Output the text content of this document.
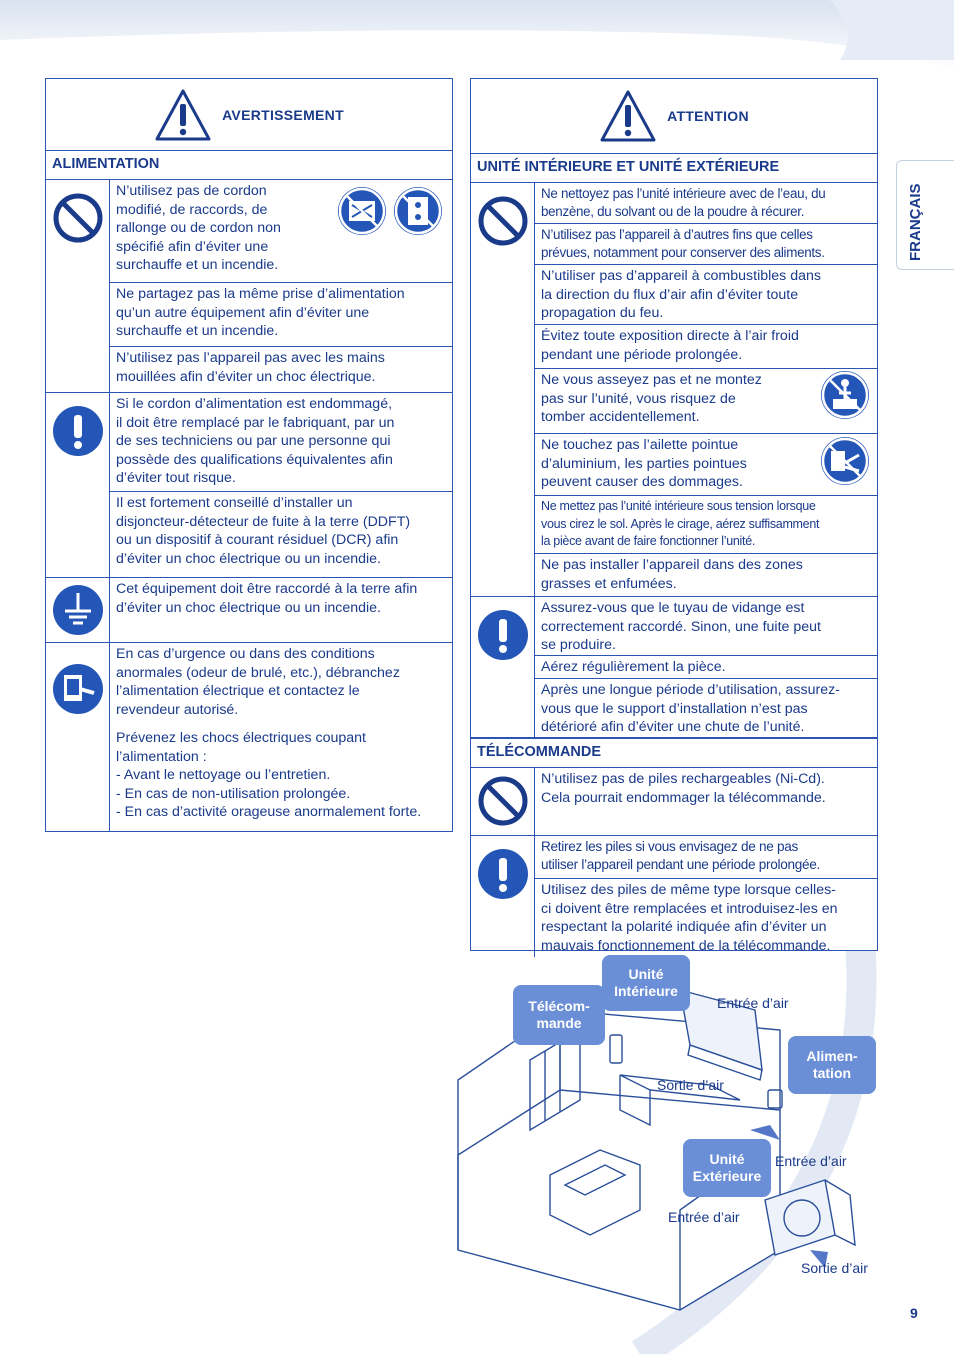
FRANÇAIS
AVERTISSEMENT
ALIMENTATION
N’utilisez pas de cordon
modifié, de raccords, de
rallonge ou de cordon non
spécifié afin d’éviter une
surchauffe et un incendie.
Ne partagez pas la même prise d’alimentation
qu’un autre équipement afin d’éviter une
surchauffe et un incendie.
N’utilisez pas l’appareil pas avec les mains
mouillées afin d’éviter un choc électrique.
Si le cordon d’alimentation est endommagé,
il doit être remplacé par le fabriquant, par un
de ses techniciens ou par une personne qui
possède des qualifications équivalentes afin
d’éviter tout risque.
Il est fortement conseillé d’installer un
disjoncteur-détecteur de fuite à la terre (DDFT)
ou un dispositif à courant résiduel (DCR) afin
d’éviter un choc électrique ou un incendie.
Cet équipement doit être raccordé à la terre afin
d’éviter un choc électrique ou un incendie.
En cas d’urgence ou dans des conditions
anormales (odeur de brulé, etc.), débranchez
l’alimentation électrique et contactez le
revendeur autorisé.
Prévenez les chocs électriques coupant
l’alimentation :
- Avant le nettoyage ou l’entretien.
- En cas de non-utilisation prolongée.
- En cas d’activité orageuse anormalement forte.
ATTENTION
UNITÉ INTÉRIEURE ET UNITÉ EXTÉRIEURE
Ne nettoyez pas l’unité intérieure avec de l’eau, du
benzène, du solvant ou de la poudre à récurer.
N’utilisez pas l’appareil à d’autres fins que celles
prévues, notamment pour conserver des aliments.
N’utiliser pas d’appareil à combustibles dans
la direction du flux d’air afin d’éviter toute
propagation du feu.
Évitez toute exposition directe à l’air froid
pendant une période prolongée.
Ne vous asseyez pas et ne montez
pas sur l’unité, vous risquez de
tomber accidentellement.
Ne touchez pas l’ailette pointue
d’aluminium, les parties pointues
peuvent causer des dommages.
Ne mettez pas l’unité intérieure sous tension lorsque
vous cirez le sol. Après le cirage, aérez suffisamment
la pièce avant de faire fonctionner l’unité.
Ne pas installer l’appareil dans des zones
grasses et enfumées.
Assurez-vous que le tuyau de vidange est
correctement raccordé. Sinon, une fuite peut
se produire.
Aérez régulièrement la pièce.
Après une longue période d’utilisation, assurez-
vous que le support d’installation n’est pas
détérioré afin d’éviter une chute de l’unité.
TÉLÉCOMMANDE
N’utilisez pas de piles rechargeables (Ni-Cd).
Cela pourrait endommager la télécommande.
Retirez les piles si vous envisagez de ne pas
utiliser l’appareil pendant une période prolongée.
Utilisez des piles de même type lorsque celles-
ci doivent être remplacées et introduisez-les en
respectant la polarité indiquée afin d’éviter un
mauvais fonctionnement de la télécommande.
Unité
Intérieure
Télécom-
mande
Alimen-
tation
Unité
Extérieure
Entrée d’air
Sortie d’air
Entrée d’air
Entrée d’air
Sortie d’air
9
